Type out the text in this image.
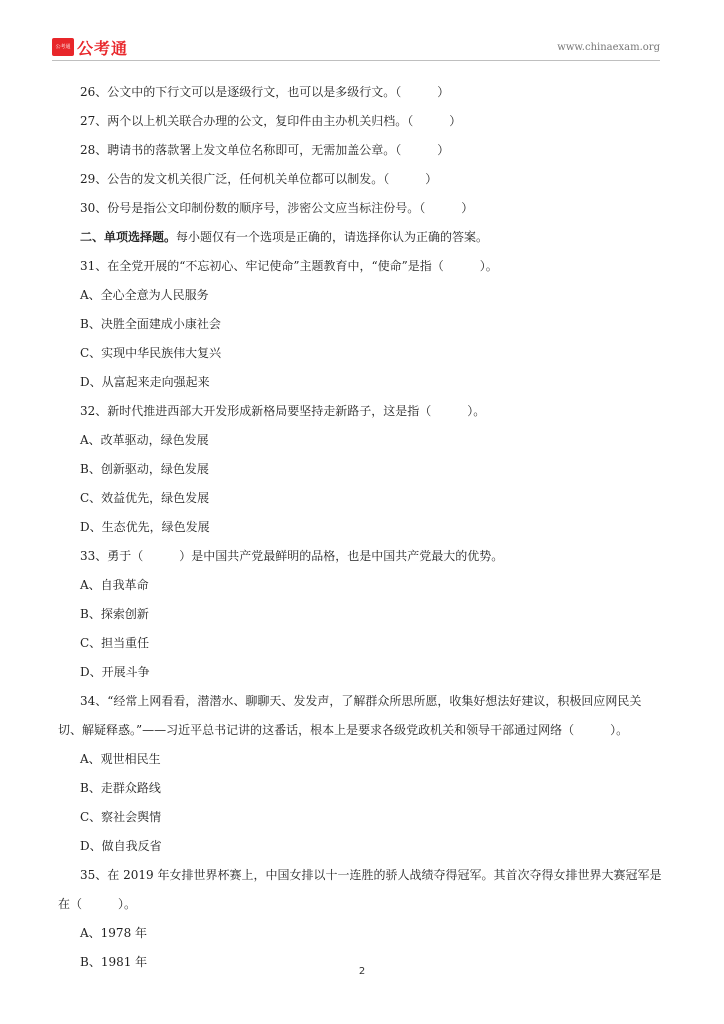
公考通 公考通	www.chinaexam.org
26、公文中的下行文可以是逐级行文，也可以是多级行文。（　　　）
27、两个以上机关联合办理的公文，复印件由主办机关归档。（　　　）
28、聘请书的落款署上发文单位名称即可，无需加盖公章。（　　　）
29、公告的发文机关很广泛，任何机关单位都可以制发。（　　　）
30、份号是指公文印制份数的顺序号，涉密公文应当标注份号。（　　　）
二、单项选择题。每小题仅有一个选项是正确的，请选择你认为正确的答案。
31、在全党开展的“不忘初心、牢记使命”主题教育中，“使命”是指（　　　）。
A、全心全意为人民服务
B、决胜全面建成小康社会
C、实现中华民族伟大复兴
D、从富起来走向强起来
32、新时代推进西部大开发形成新格局要坚持走新路子，这是指（　　　）。
A、改革驱动，绿色发展
B、创新驱动，绿色发展
C、效益优先，绿色发展
D、生态优先，绿色发展
33、勇于（　　　）是中国共产党最鲜明的品格，也是中国共产党最大的优势。
A、自我革命
B、探索创新
C、担当重任
D、开展斗争
34、“经常上网看看，潜潜水、聊聊天、发发声，了解群众所思所愿，收集好想法好建议，积极回应网民关切、解疑释惑。”——习近平总书记讲的这番话，根本上是要求各级党政机关和领导干部通过网络（　　　）。
A、观世相民生
B、走群众路线
C、察社会舆情
D、做自我反省
35、在 2019 年女排世界杯赛上，中国女排以十一连胜的骄人战绩夺得冠军。其首次夺得女排世界大赛冠军是在（　　　）。
A、1978 年
B、1981 年
2
